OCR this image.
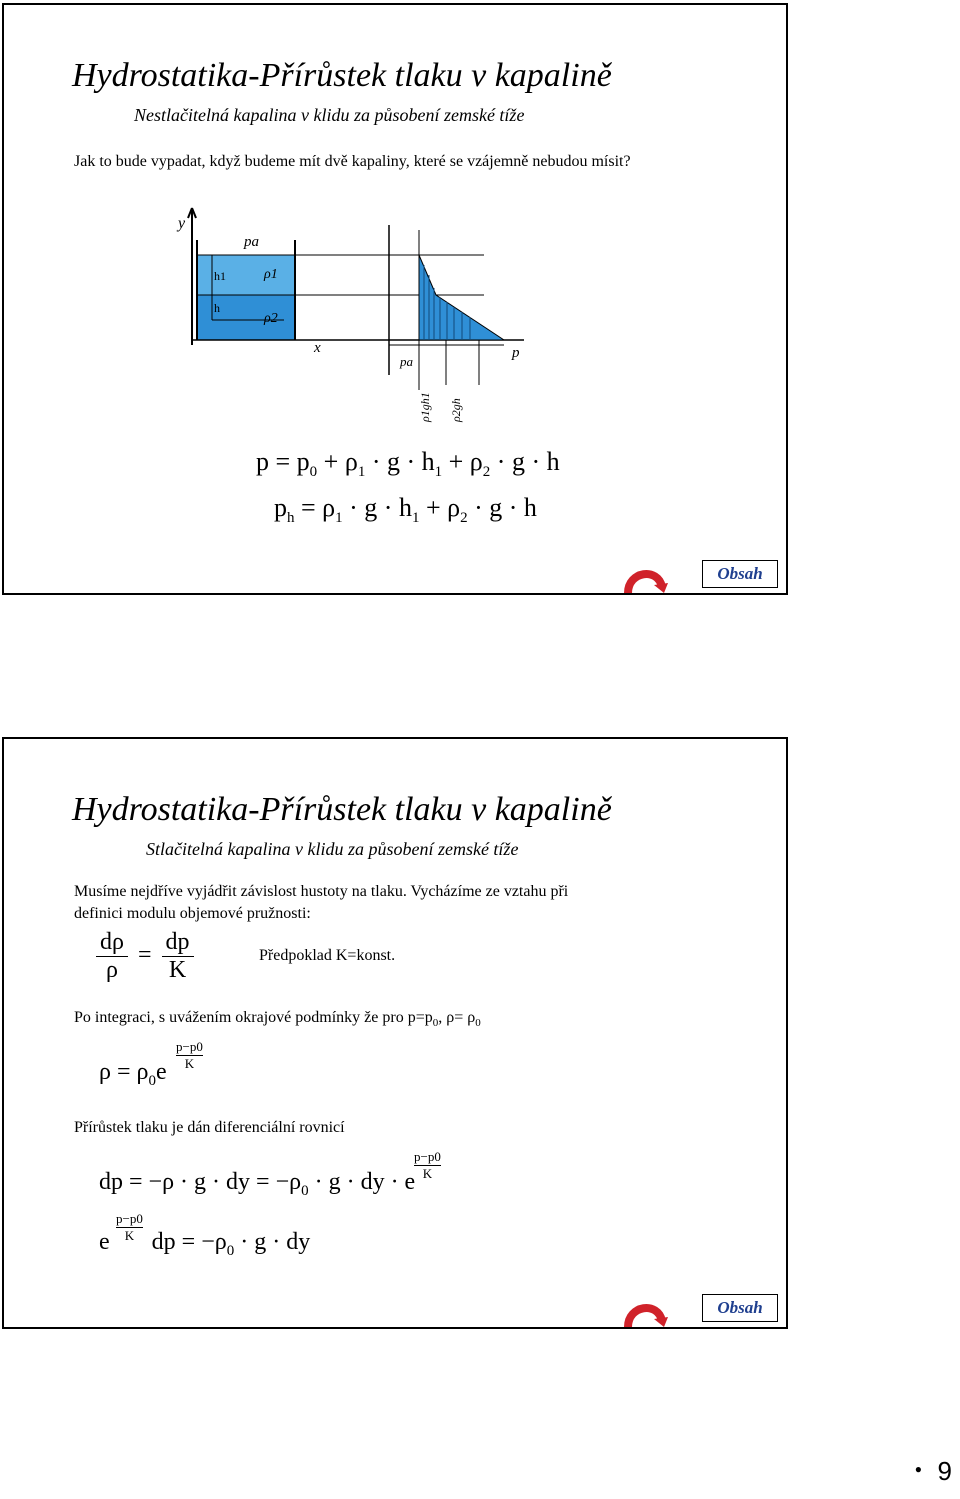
Hydrostatika-Přírůstek tlaku v kapalině
Nestlačitelná kapalina v klidu za působení zemské tíže
Jak to bude vypadat, když budeme mít dvě kapaliny, které se vzájemně nebudou mísit?
y
x
pa
ρ1
ρ2
h1
h
p
pa
ρ1gh1 ρ2gh
$p = p_0 + \rho_1 \cdot g \cdot h_1 + \rho_2 \cdot g \cdot h$
$p_h = \rho_1 \cdot g \cdot h_1 + \rho_2 \cdot g \cdot h$
Obsah
Hydrostatika-Přírůstek tlaku v kapalině
Stlačitelná kapalina v klidu za působení zemské tíže
Musíme nejdříve vyjádřit závislost hustoty na tlaku. Vycházíme ze vztahu při
definici modulu objemové pružnosti:
$\frac{d\rho}{\rho} = \frac{dp}{K}$	Předpoklad K=konst.
Po integraci, s uvážením okrajové podmínky že pro $p=p_0$, $\rho= \rho_0$
$\rho = \rho_0e$
p−p0
K
Přírůstek tlaku je dán diferenciální rovnicí
dp = −ρ · g · dy = $-\rho_0 \cdot g$ · dy · e
p−p0
K
e dp = $-\rho_0 \cdot g$ · dy
p−p0
K
Obsah
● 9
